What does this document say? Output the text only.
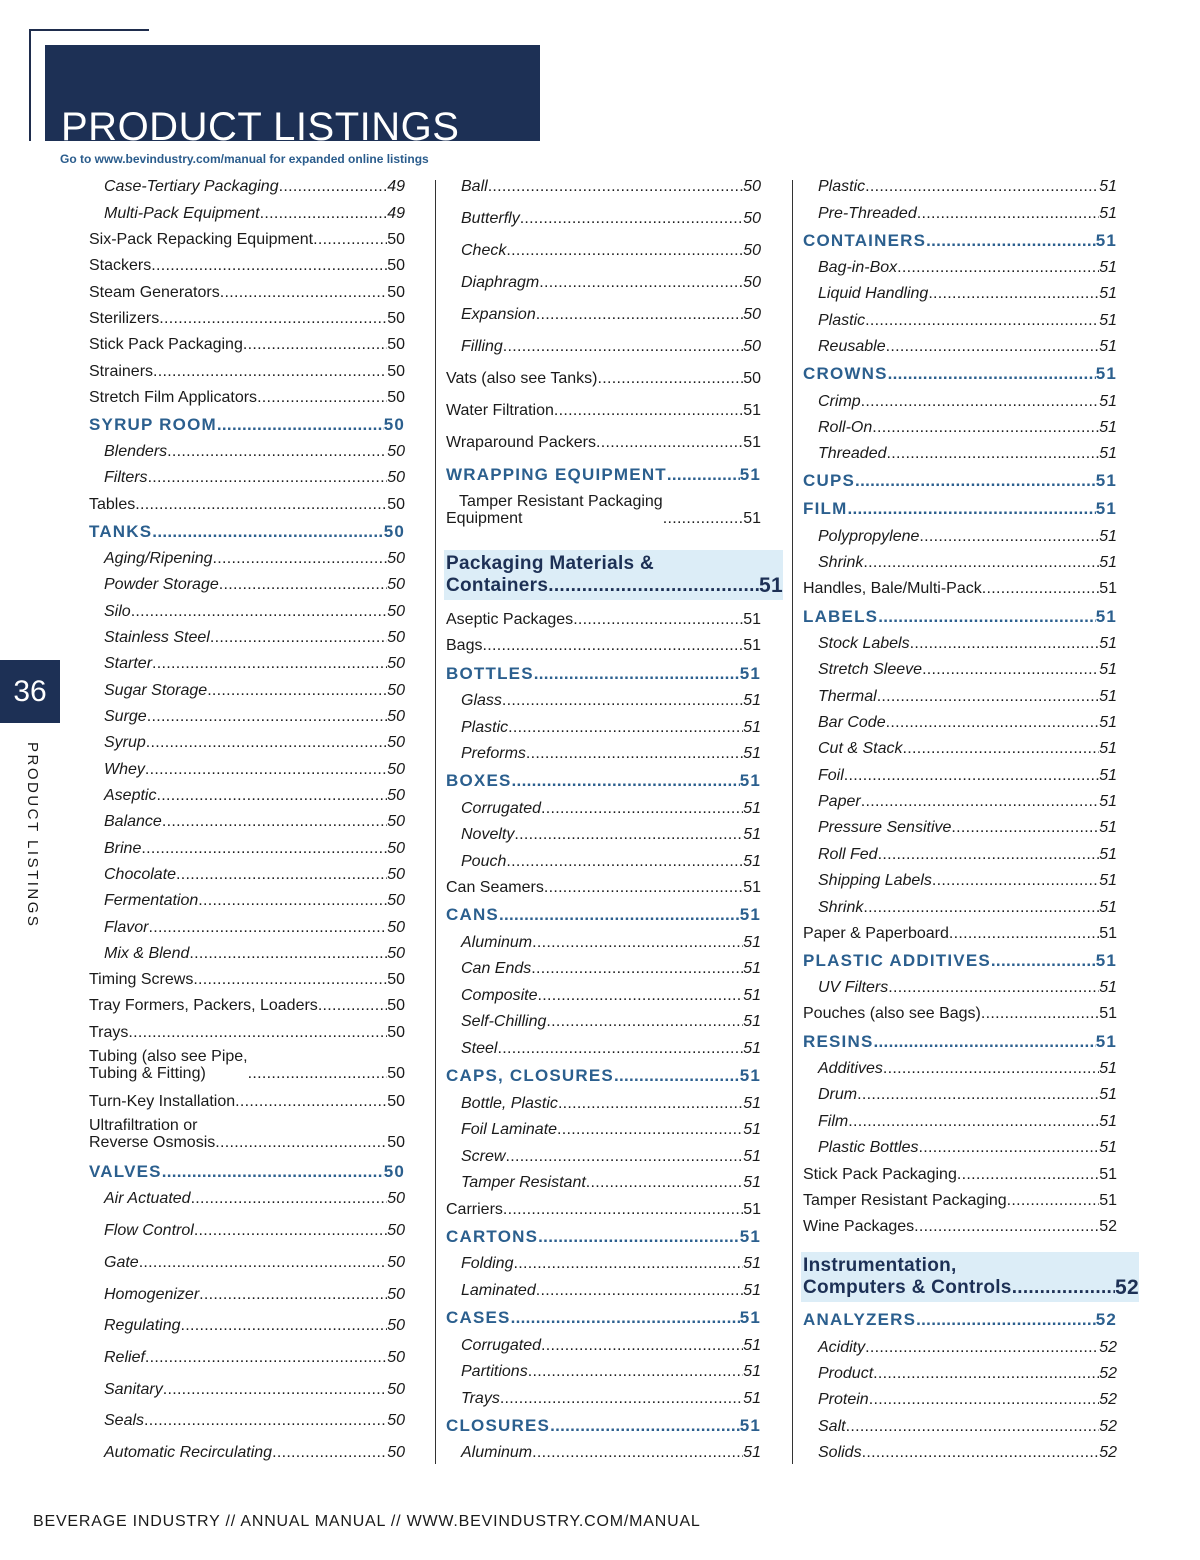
PRODUCT LISTINGS
Go to www.bevindustry.com/manual for expanded online listings
36
PRODUCT LISTINGS
Case-Tertiary Packaging .....	49
Multi-Pack Equipment .....	49
Six-Pack Repacking Equipment .....	50
Stackers .....	50
Steam Generators .....	50
Sterilizers .....	50
Stick Pack Packaging .....	50
Strainers .....	50
Stretch Film Applicators .....	50
SYRUP ROOM .....	50
Blenders .....	50
Filters .....	50
Tables .....	50
TANKS .....	50
Aging/Ripening .....	50
Powder Storage .....	50
Silo .....	50
Stainless Steel .....	50
Starter .....	50
Sugar Storage .....	50
Surge .....	50
Syrup .....	50
Whey .....	50
Aseptic .....	50
Balance .....	50
Brine .....	50
Chocolate .....	50
Fermentation .....	50
Flavor .....	50
Mix & Blend .....	50
Timing Screws .....	50
Tray Formers, Packers, Loaders .....	50
Trays .....	50
Tubing (also see Pipe,
Tubing & Fitting) .....	50
Turn-Key Installation .....	50
Ultrafiltration or
Reverse Osmosis .....	50
VALVES .....	50
Air Actuated .....	50
Flow Control .....	50
Gate .....	50
Homogenizer .....	50
Regulating .....	50
Relief .....	50
Sanitary .....	50
Seals .....	50
Automatic Recirculating .....	50
Ball .....	50
Butterfly .....	50
Check .....	50
Diaphragm .....	50
Expansion .....	50
Filling .....	50
Vats (also see Tanks) .....	50
Water Filtration .....	51
Wraparound Packers .....	51
WRAPPING EQUIPMENT .....	51
Tamper Resistant Packaging
Equipment .....	51
Packaging Materials &
Containers .....	51
Aseptic Packages .....	51
Bags .....	51
BOTTLES .....	51
Glass .....	51
Plastic .....	51
Preforms .....	51
BOXES .....	51
Corrugated .....	51
Novelty .....	51
Pouch .....	51
Can Seamers .....	51
CANS .....	51
Aluminum .....	51
Can Ends .....	51
Composite .....	51
Self-Chilling .....	51
Steel .....	51
CAPS, CLOSURES .....	51
Bottle, Plastic .....	51
Foil Laminate .....	51
Screw .....	51
Tamper Resistant .....	51
Carriers .....	51
CARTONS .....	51
Folding .....	51
Laminated .....	51
CASES .....	51
Corrugated .....	51
Partitions .....	51
Trays .....	51
CLOSURES .....	51
Aluminum .....	51
Plastic .....	51
Pre-Threaded .....	51
CONTAINERS .....	51
Bag-in-Box .....	51
Liquid Handling .....	51
Plastic .....	51
Reusable .....	51
CROWNS .....	51
Crimp .....	51
Roll-On .....	51
Threaded .....	51
CUPS .....	51
FILM .....	51
Polypropylene .....	51
Shrink .....	51
Handles, Bale/Multi-Pack .....	51
LABELS .....	51
Stock Labels .....	51
Stretch Sleeve .....	51
Thermal .....	51
Bar Code .....	51
Cut & Stack .....	51
Foil .....	51
Paper .....	51
Pressure Sensitive .....	51
Roll Fed .....	51
Shipping Labels .....	51
Shrink .....	51
Paper & Paperboard .....	51
PLASTIC ADDITIVES .....	51
UV Filters .....	51
Pouches (also see Bags) .....	51
RESINS .....	51
Additives .....	51
Drum .....	51
Film .....	51
Plastic Bottles .....	51
Stick Pack Packaging .....	51
Tamper Resistant Packaging .....	51
Wine Packages .....	52
Instrumentation,
Computers & Controls .....	52
ANALYZERS .....	52
Acidity .....	52
Product .....	52
Protein .....	52
Salt .....	52
Solids .....	52
BEVERAGE INDUSTRY // ANNUAL MANUAL // WWW.BEVINDUSTRY.COM/MANUAL
